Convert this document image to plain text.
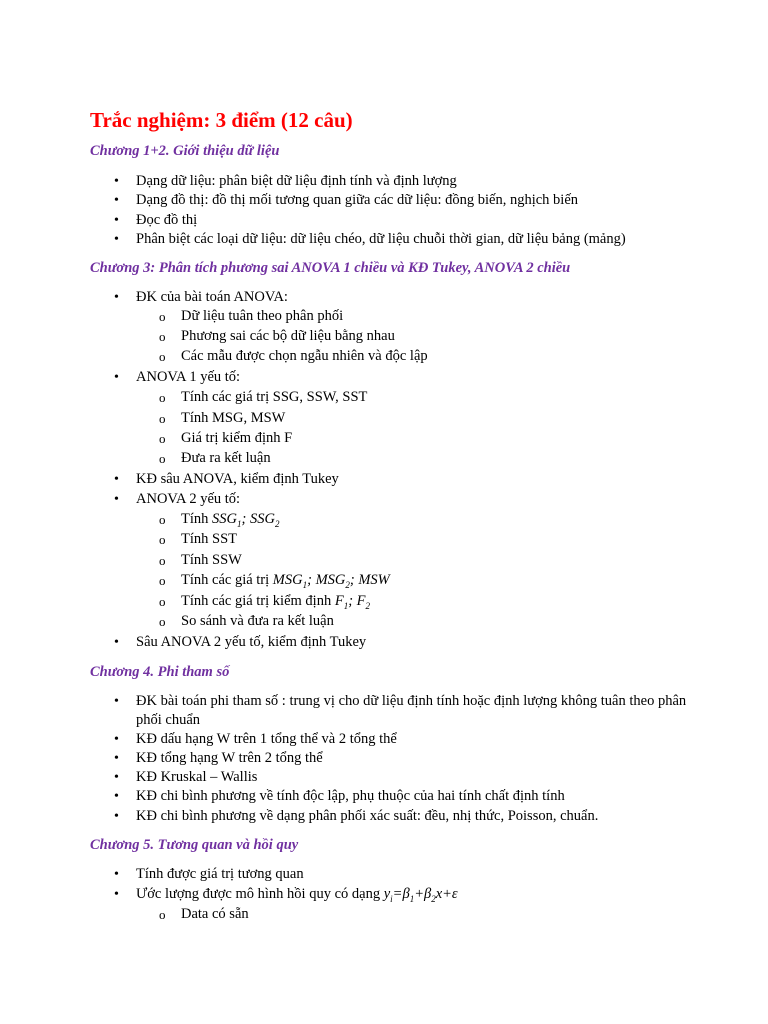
Trắc nghiệm: 3 điểm (12 câu)
Chương 1+2. Giới thiệu dữ liệu
•	Dạng dữ liệu: phân biệt dữ liệu định tính và định lượng
•	Dạng đồ thị: đồ thị mối tương quan giữa các dữ liệu: đồng biến, nghịch biến
•	Đọc đồ thị
•	Phân biệt các loại dữ liệu: dữ liệu chéo, dữ liệu chuỗi thời gian, dữ liệu bảng (mảng)
Chương 3: Phân tích phương sai ANOVA 1 chiều và KĐ Tukey, ANOVA 2 chiều
•	ĐK của bài toán ANOVA:
o	Dữ liệu tuân theo phân phối
o	Phương sai các bộ dữ liệu bằng nhau
o	Các mẫu được chọn ngẫu nhiên và độc lập
•	ANOVA 1 yếu tố:
o	Tính các giá trị SSG, SSW, SST
o	Tính MSG, MSW
o	Giá trị kiểm định F
o	Đưa ra kết luận
•	KĐ sâu ANOVA, kiểm định Tukey
•	ANOVA 2 yếu tố:
o	Tính $SSG_1$; $SSG_2$
o	Tính SST
o	Tính SSW
o	Tính các giá trị $MSG_1$; $MSG_2$; MSW
o	Tính các giá trị kiểm định $F_1$; $F_2$
o	So sánh và đưa ra kết luận
•	Sâu ANOVA 2 yếu tố, kiểm định Tukey
Chương 4. Phi tham số
•	ĐK bài toán phi tham số : trung vị cho dữ liệu định tính hoặc định lượng không tuân theo phân phối chuẩn
•	KĐ dấu hạng W trên 1 tổng thể và 2 tổng thể
•	KĐ tổng hạng W trên 2 tổng thể
•	KĐ Kruskal – Wallis
•	KĐ chi bình phương về tính độc lập, phụ thuộc của hai tính chất định tính
•	KĐ chi bình phương về dạng phân phối xác suất: đều, nhị thức, Poisson, chuẩn.
Chương 5. Tương quan và hồi quy
•	Tính được giá trị tương quan
•	Ước lượng được mô hình hồi quy có dạng $y_i=\beta_1+\beta_2x+\varepsilon$
o	Data có sẵn
